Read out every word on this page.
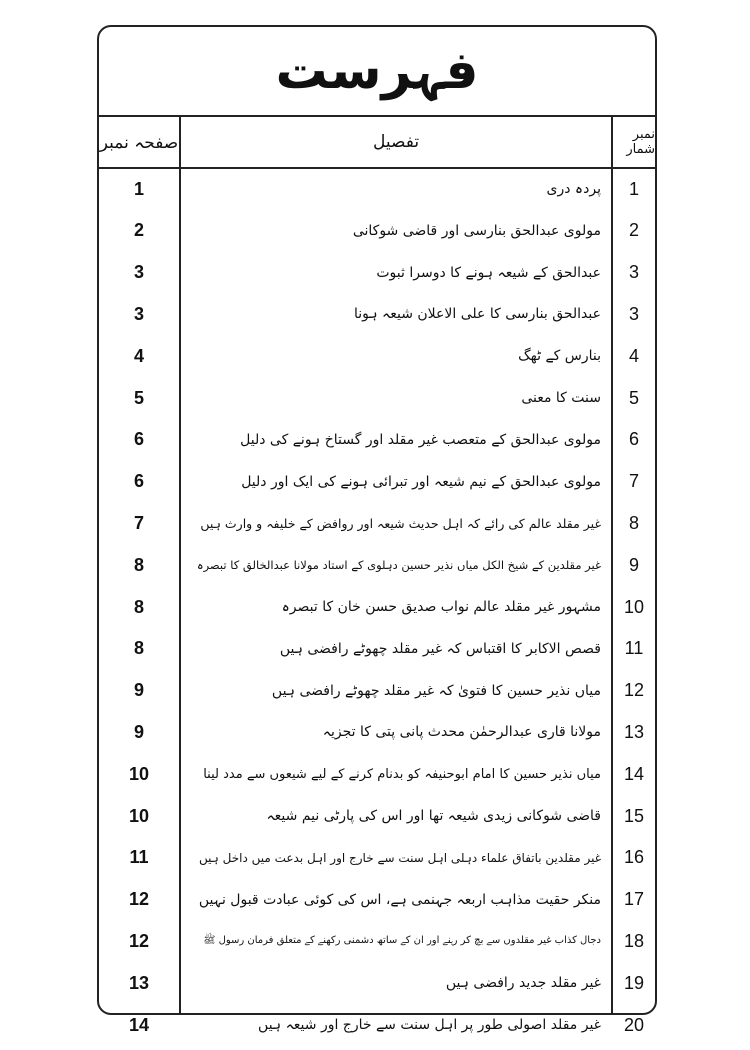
فہرست
صفحہ نمبر	تفصیل	نمبر شمار
1	پردہ دری	1
2	مولوی عبدالحق بنارسی اور قاضی شوکانی	2
3	عبدالحق کے شیعہ ہونے کا دوسرا ثبوت	3
3	عبدالحق بنارسی کا علی الاعلان شیعہ ہونا	3
4	بنارس کے ٹھگ	4
5	سنت کا معنی	5
6	مولوی عبدالحق کے متعصب غیر مقلد اور گستاخ ہونے کی دلیل	6
6	مولوی عبدالحق کے نیم شیعہ اور تبرائی ہونے کی ایک اور دلیل	7
7	غیر مقلد عالم کی رائے کہ اہل حدیث شیعہ اور روافض کے خلیفہ و وارث ہیں	8
8	غیر مقلدین کے شیخ الکل میاں نذیر حسین دہلوی کے استاد مولانا عبدالخالق کا تبصرہ	9
8	مشہور غیر مقلد عالم نواب صدیق حسن خان کا تبصرہ	10
8	قصص الاکابر کا اقتباس کہ غیر مقلد چھوٹے رافضی ہیں	11
9	میاں نذیر حسین کا فتویٰ کہ غیر مقلد چھوٹے رافضی ہیں	12
9	مولانا قاری عبدالرحمٰن محدث پانی پتی کا تجزیہ	13
10	میاں نذیر حسین کا امام ابوحنیفہ کو بدنام کرنے کے لیے شیعوں سے مدد لینا	14
10	قاضی شوکانی زیدی شیعہ تھا اور اس کی پارٹی نیم شیعہ	15
11	غیر مقلدین باتفاق علماء دہلی اہل سنت سے خارج اور اہل بدعت میں داخل ہیں	16
12	منکر حقیت مذاہب اربعہ جہنمی ہے، اس کی کوئی عبادت قبول نہیں	17
12	دجال کذاب غیر مقلدوں سے بچ کر رہنے اور ان کے ساتھ دشمنی رکھنے کے متعلق فرمان رسول ﷺ	18
13	غیر مقلد جدید رافضی ہیں	19
14	غیر مقلد اصولی طور پر اہل سنت سے خارج اور شیعہ ہیں	20
